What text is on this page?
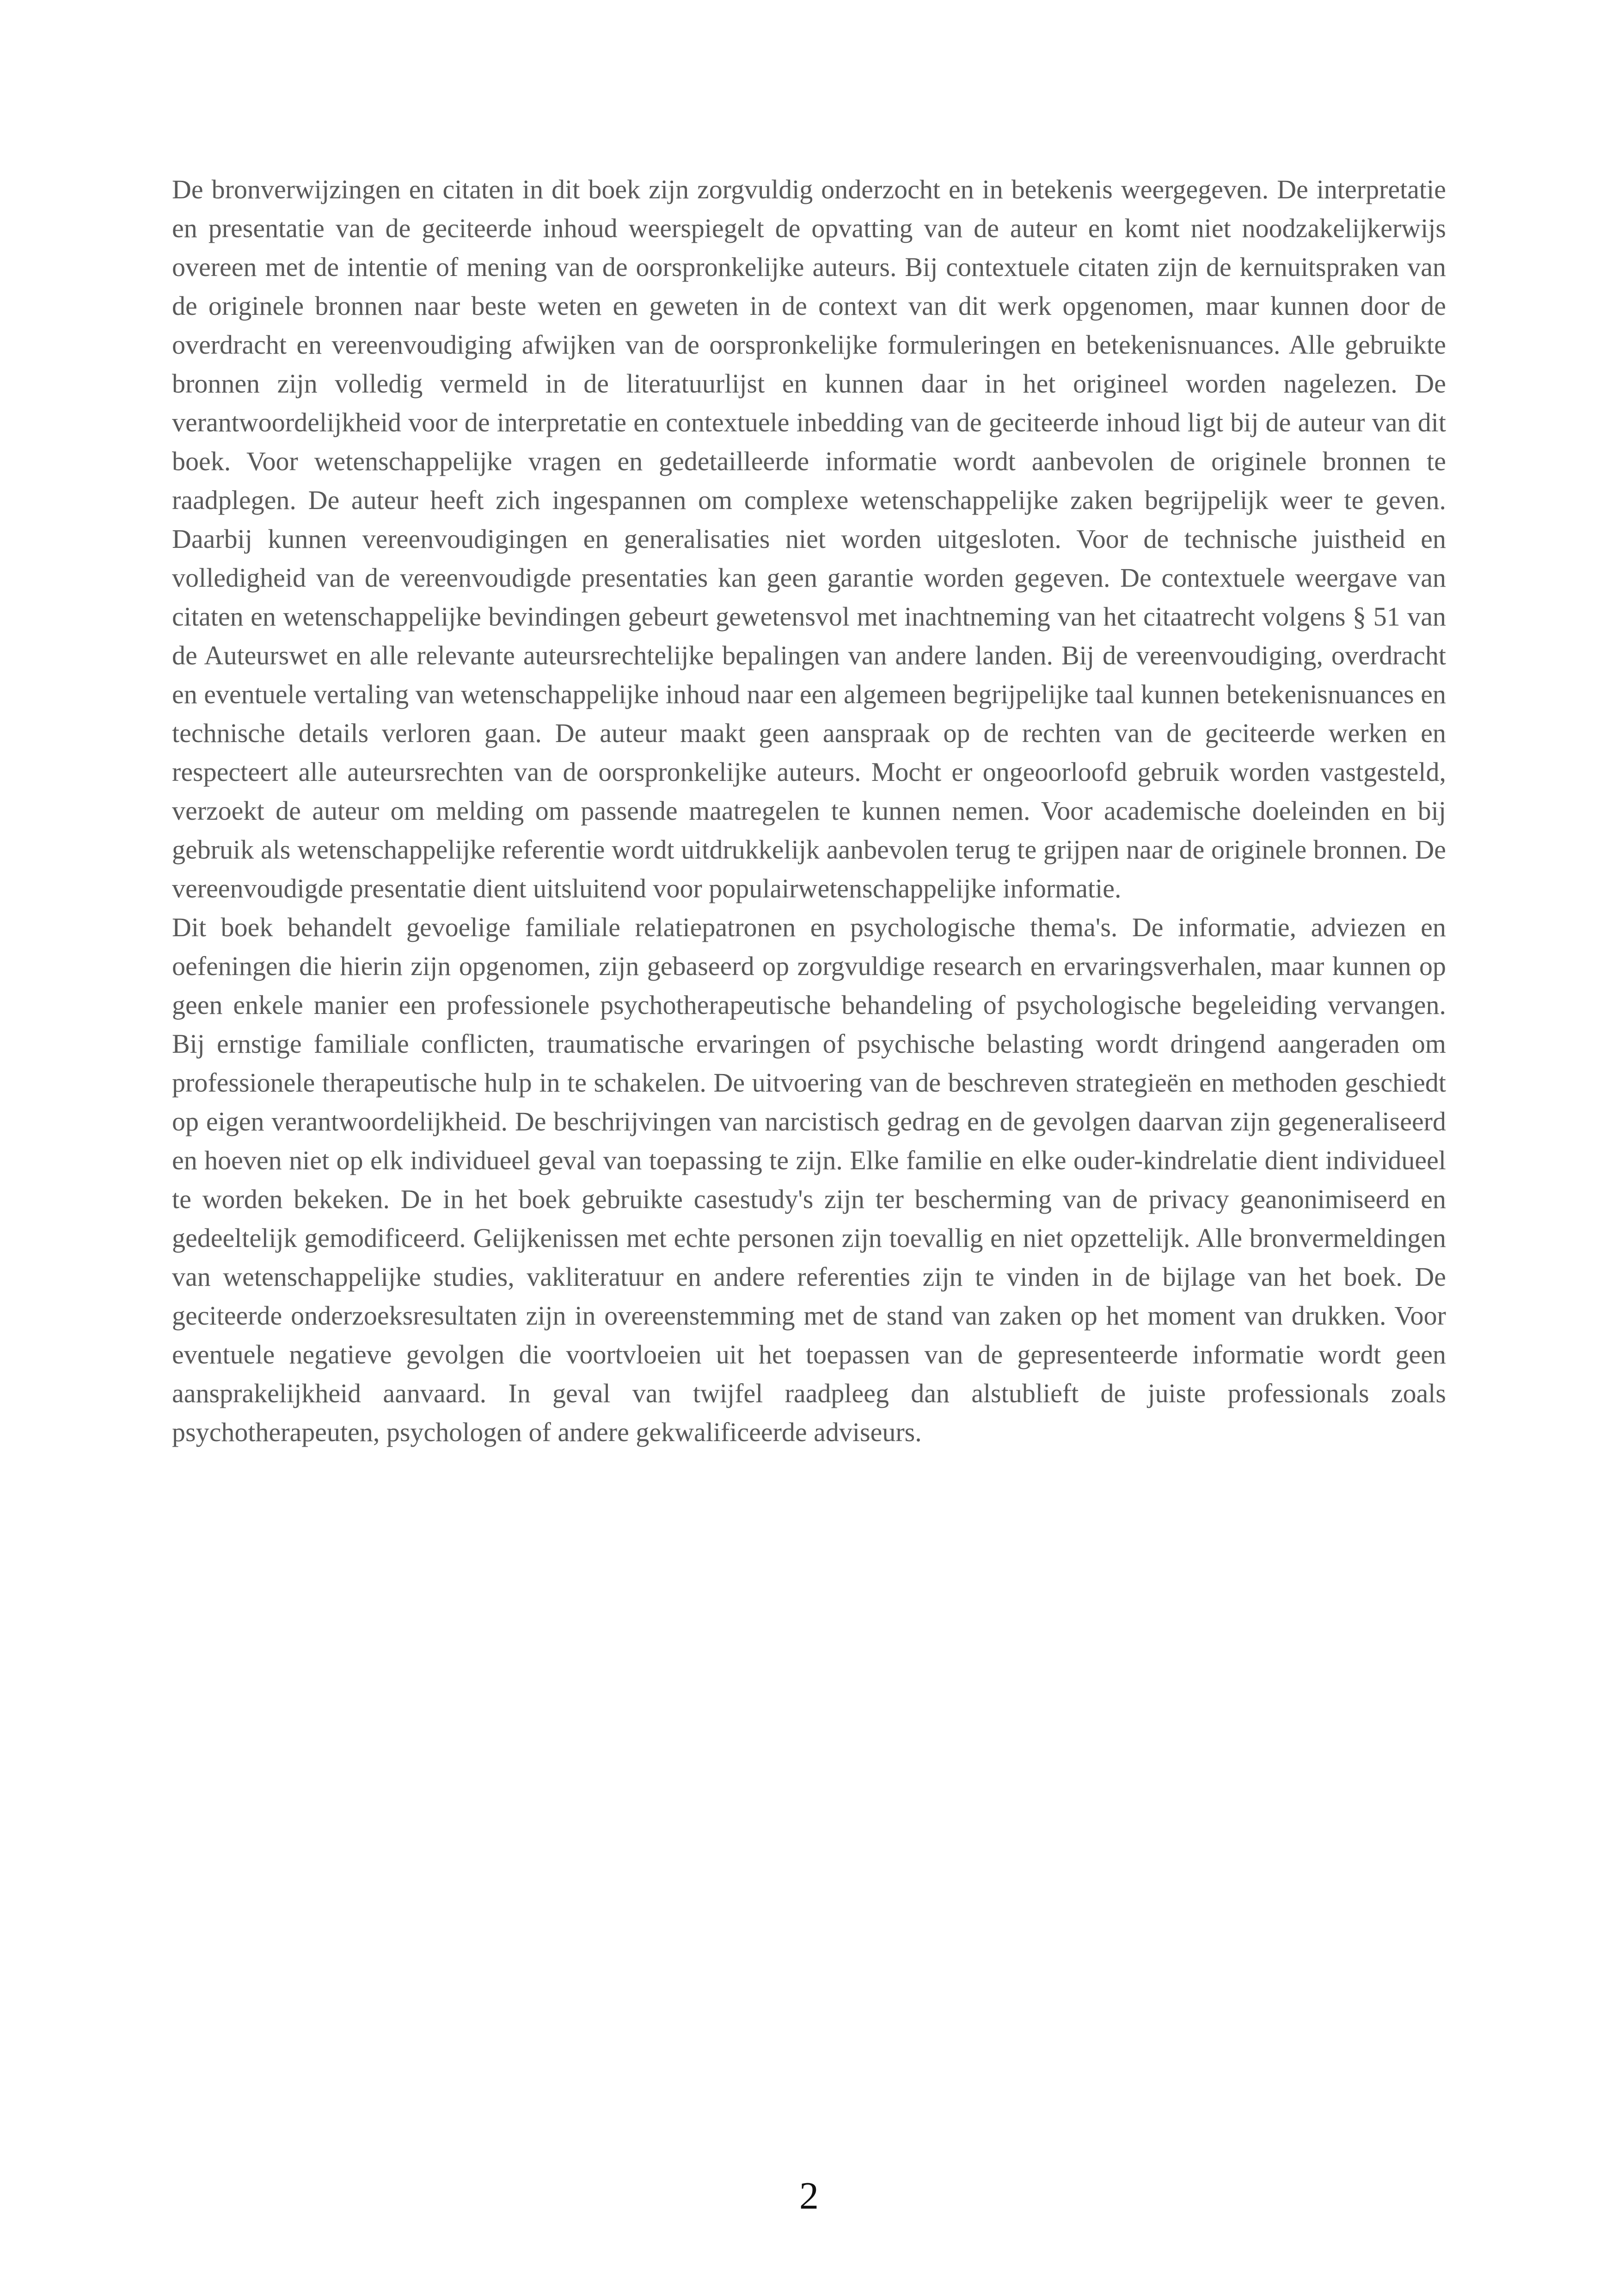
De bronverwijzingen en citaten in dit boek zijn zorgvuldig onderzocht en in betekenis weergegeven. De interpretatie en presentatie van de geciteerde inhoud weerspiegelt de opvatting van de auteur en komt niet noodzakelijkerwijs overeen met de intentie of mening van de oorspronkelijke auteurs. Bij contextuele citaten zijn de kernuitspraken van de originele bronnen naar beste weten en geweten in de context van dit werk opgenomen, maar kunnen door de overdracht en vereenvoudiging afwijken van de oorspronkelijke formuleringen en betekenisnuances. Alle gebruikte bronnen zijn volledig vermeld in de literatuurlijst en kunnen daar in het origineel worden nagelezen. De verantwoordelijkheid voor de interpretatie en contextuele inbedding van de geciteerde inhoud ligt bij de auteur van dit boek. Voor wetenschappelijke vragen en gedetailleerde informatie wordt aanbevolen de originele bronnen te raadplegen. De auteur heeft zich ingespannen om complexe wetenschappelijke zaken begrijpelijk weer te geven. Daarbij kunnen vereenvoudigingen en generalisaties niet worden uitgesloten. Voor de technische juistheid en volledigheid van de vereenvoudigde presentaties kan geen garantie worden gegeven. De contextuele weergave van citaten en wetenschappelijke bevindingen gebeurt gewetensvol met inachtneming van het citaatrecht volgens § 51 van de Auteurswet en alle relevante auteursrechtelijke bepalingen van andere landen. Bij de vereenvoudiging, overdracht en eventuele vertaling van wetenschappelijke inhoud naar een algemeen begrijpelijke taal kunnen betekenisnuances en technische details verloren gaan. De auteur maakt geen aanspraak op de rechten van de geciteerde werken en respecteert alle auteursrechten van de oorspronkelijke auteurs. Mocht er ongeoorloofd gebruik worden vastgesteld, verzoekt de auteur om melding om passende maatregelen te kunnen nemen. Voor academische doeleinden en bij gebruik als wetenschappelijke referentie wordt uitdrukkelijk aanbevolen terug te grijpen naar de originele bronnen. De vereenvoudigde presentatie dient uitsluitend voor populairwetenschappelijke informatie.

Dit boek behandelt gevoelige familiale relatiepatronen en psychologische thema's. De informatie, adviezen en oefeningen die hierin zijn opgenomen, zijn gebaseerd op zorgvuldige research en ervaringsverhalen, maar kunnen op geen enkele manier een professionele psychotherapeutische behandeling of psychologische begeleiding vervangen. Bij ernstige familiale conflicten, traumatische ervaringen of psychische belasting wordt dringend aangeraden om professionele therapeutische hulp in te schakelen. De uitvoering van de beschreven strategieën en methoden geschiedt op eigen verantwoordelijkheid. De beschrijvingen van narcistisch gedrag en de gevolgen daarvan zijn gegeneraliseerd en hoeven niet op elk individueel geval van toepassing te zijn. Elke familie en elke ouder-kindrelatie dient individueel te worden bekeken. De in het boek gebruikte casestudy's zijn ter bescherming van de privacy geanonimiseerd en gedeeltelijk gemodificeerd. Gelijkenissen met echte personen zijn toevallig en niet opzettelijk. Alle bronvermeldingen van wetenschappelijke studies, vakliteratuur en andere referenties zijn te vinden in de bijlage van het boek. De geciteerde onderzoeksresultaten zijn in overeenstemming met de stand van zaken op het moment van drukken. Voor eventuele negatieve gevolgen die voortvloeien uit het toepassen van de gepresenteerde informatie wordt geen aansprakelijkheid aanvaard. In geval van twijfel raadpleeg dan alstublieft de juiste professionals zoals psychotherapeuten, psychologen of andere gekwalificeerde adviseurs.

2
